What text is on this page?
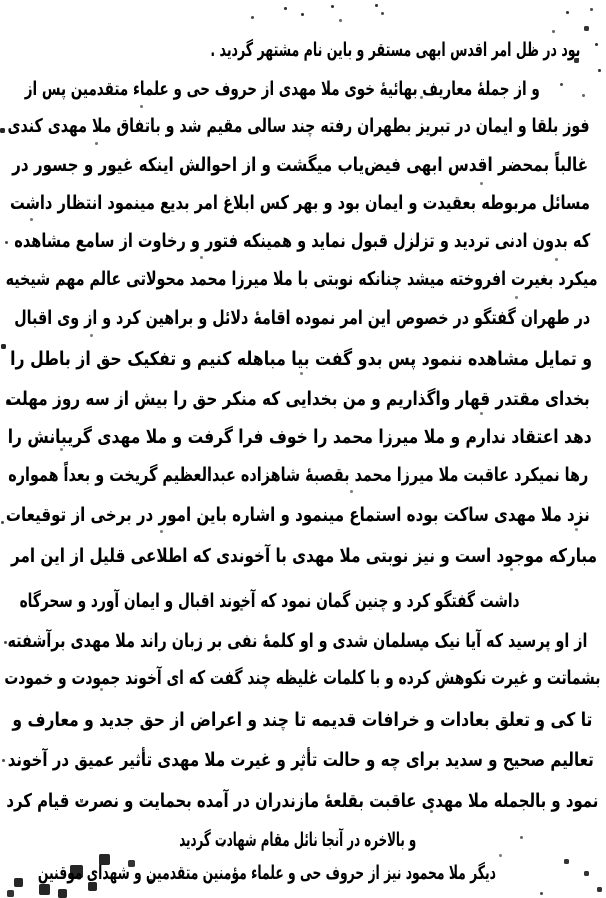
بود در ظل امر اقدس ابهی مستقر و باین نام مشتهر گردید .
و از جملهٔ معاریف بهائیهٔ خوی ملا مهدی از حروف حی و علماء متقدمین پس از
فوز بلقا و ایمان در تبریز بطهران رفته چند سالی مقیم شد و باتفاق ملا مهدی کندی
غالباً بمحضر اقدس ابهی فیض‌یاب میگشت و از احوالش اینکه غیور و جسور در
مسائل مربوطه بعقیدت و ایمان بود و بهر کس ابلاغ امر بدیع مینمود انتظار داشت
که بدون ادنی تردید و تزلزل قبول نماید و همینکه فتور و رخاوت از سامع مشاهده
میکرد بغیرت افروخته میشد چنانکه نوبتی با ملا میرزا محمد محولاتی عالم مهم شیخیه
در طهران گفتگو در خصوص این امر نموده اقامهٔ دلائل و براهین کرد و از وی اقبال
و تمایل مشاهده ننمود پس بدو گفت بیا مباهله کنیم و تفکیک حق از باطل را
بخدای مقتدر قهار واگذاریم و من بخدایی که منکر حق را بیش از سه روز مهلت
دهد اعتقاد ندارم و ملا میرزا محمد را خوف فرا گرفت و ملا مهدی گریبانش را
رها نمیکرد عاقبت ملا میرزا محمد بقصبهٔ شاهزاده عبدالعظیم گریخت و بعداً همواره
نزد ملا مهدی ساکت بوده استماع مینمود و اشاره باین امور در برخی از توقیعات
مبارکه موجود است و نیز نوبتی ملا مهدی با آخوندی که اطلاعی قلیل از این امر
داشت گفتگو کرد و چنین گمان نمود که آخوند اقبال و ایمان آورد و سحرگاه
از او پرسید که آیا نیک مسلمان شدی و او کلمهٔ نفی بر زبان راند ملا مهدی برآشفته
بشماتت و غیرت نکوهش کرده و با کلمات غلیظه چند گفت که ای آخوند جمودت و خمودت
تا کی و تعلق بعادات و خرافات قدیمه تا چند و اعراض از حق جدید و معارف و
تعالیم صحیح و سدید برای چه و حالت تأثر و غیرت ملا مهدی تأثیر عمیق در آخوند
نمود و بالجمله ملا مهدی عاقبت بقلعهٔ مازندران در آمده بحمایت و نصرت قیام کرد
و بالاخره در آنجا نائل مقام شهادت گردید
دیگر ملا محمود نیز از حروف حی و علماء مؤمنین متقدمین و شهدای موقنین
